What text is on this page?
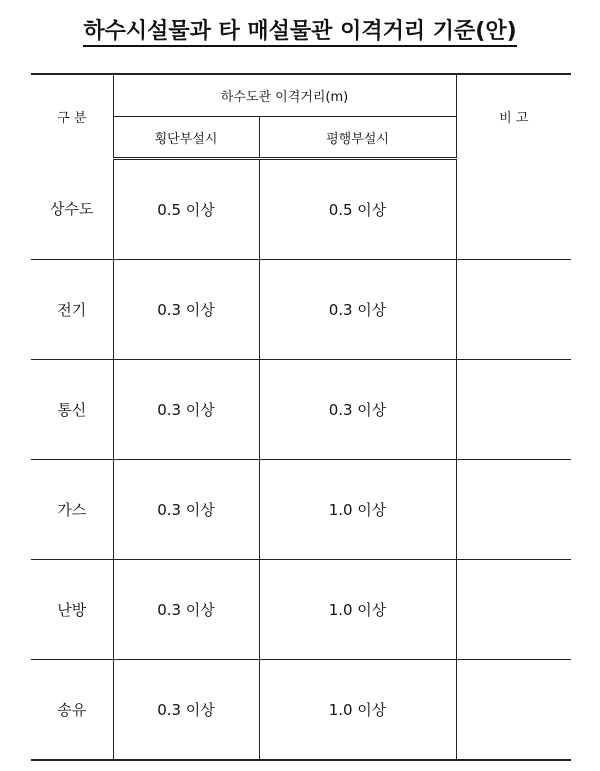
하수시설물과 타 매설물관 이격거리 기준(안)
구 분	하수도관 이격거리(m)		비 고
	횡단부설시	평행부설시	
상수도	0.5 이상	0.5 이상	
전기	0.3 이상	0.3 이상	
통신	0.3 이상	0.3 이상	
가스	0.3 이상	1.0 이상	
난방	0.3 이상	1.0 이상	
송유	0.3 이상	1.0 이상	
